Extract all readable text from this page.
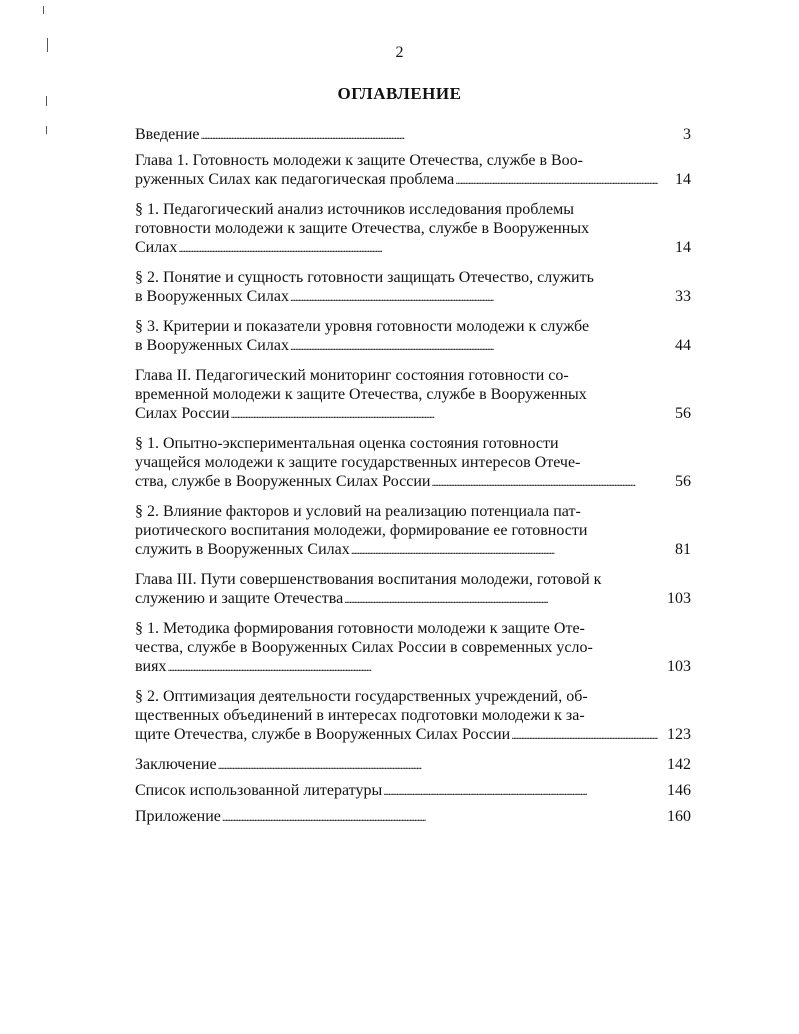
2
ОГЛАВЛЕНИЕ
Введение . . .	3
Глава 1. Готовность молодежи к защите Отечества, службе в Воо-
руженных Силах как педагогическая проблема . . .	14
§ 1. Педагогический анализ источников исследования проблемы
готовности молодежи к защите Отечества, службе в Вооруженных
Силах . . .	14
§ 2. Понятие и сущность готовности защищать Отечество, служить
в Вооруженных Силах . . .	33
§ 3. Критерии и показатели уровня готовности молодежи к службе
в Вооруженных Силах . . .	44
Глава II. Педагогический мониторинг состояния готовности со-
временной молодежи к защите Отечества, службе в Вооруженных
Силах России . . .	56
§ 1. Опытно-экспериментальная оценка состояния готовности
учащейся молодежи к защите государственных интересов Отече-
ства, службе в Вооруженных Силах России . . .	56
§ 2. Влияние факторов и условий на реализацию потенциала пат-
риотического воспитания молодежи, формирование ее готовности
служить в Вооруженных Силах . . .	81
Глава III. Пути совершенствования воспитания молодежи, готовой к
служению и защите Отечества . . .	103
§ 1. Методика формирования готовности молодежи к защите Оте-
чества, службе в Вооруженных Силах России в современных усло-
виях . . .	103
§ 2. Оптимизация деятельности государственных учреждений, об-
щественных объединений в интересах подготовки молодежи к за-
щите Отечества, службе в Вооруженных Силах России . . .	123
Заключение . . .	142
Список использованной литературы . . .	146
Приложение . . .	160
